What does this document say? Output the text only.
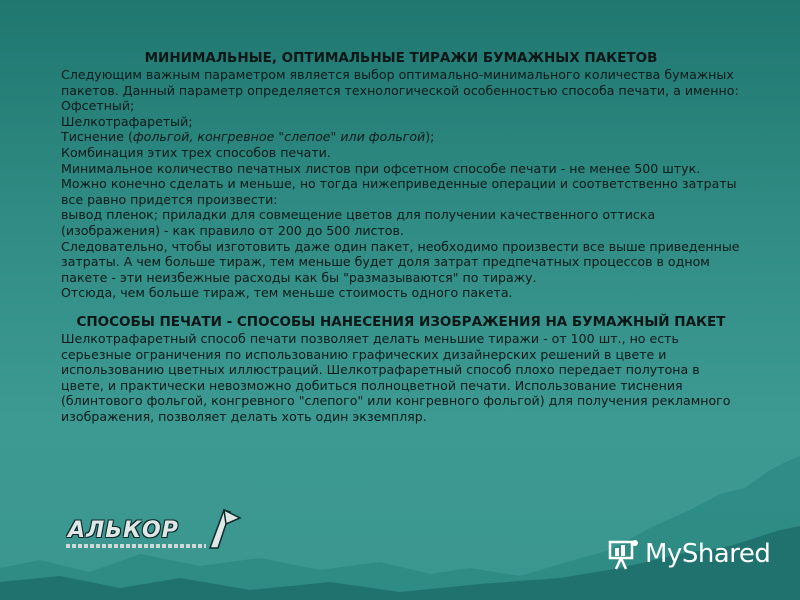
МИНИМАЛЬНЫЕ, ОПТИМАЛЬНЫЕ ТИРАЖИ БУМАЖНЫХ ПАКЕТОВ

Следующим важным параметром является выбор оптимально-минимального количества бумажных пакетов. Данный параметр определяется технологической особенностью способа печати, а именно:

Офсетный;

Шелкотрафаретый;

Тиснение (фольгой, конгревное "слепое" или фольгой);

Комбинация этих трех способов печати.

Минимальное количество печатных листов при офсетном способе печати - не менее 500 штук. Можно конечно сделать и меньше, но тогда нижеприведенные операции и соответственно затраты все равно придется произвести:

вывод пленок; приладки для совмещение цветов для получении качественного оттиска (изображения) - как правило от 200 до 500 листов.

Следовательно, чтобы изготовить даже один пакет, необходимо произвести все выше приведенные затраты. А чем больше тираж, тем меньше будет доля затрат предпечатных процессов в одном пакете - эти неизбежные расходы как бы "размазываются" по тиражу.

Отсюда, чем больше тираж, тем меньше стоимость одного пакета.

СПОСОБЫ ПЕЧАТИ - СПОСОБЫ НАНЕСЕНИЯ ИЗОБРАЖЕНИЯ НА БУМАЖНЫЙ ПАКЕТ

Шелкотрафаретный способ печати позволяет делать меньшие тиражи - от 100 шт., но есть серьезные ограничения по использованию графических дизайнерских решений в цвете и использованию цветных иллюстраций. Шелкотрафаретный способ плохо передает полутона в цвете, и практически невозможно добиться полноцветной печати. Использование тиснения (блинтового фольгой, конгревного "слепого" или конгревного фольгой) для получения рекламного изображения, позволяет делать хоть один экземпляр.

АЛЬКОР
MyShared
